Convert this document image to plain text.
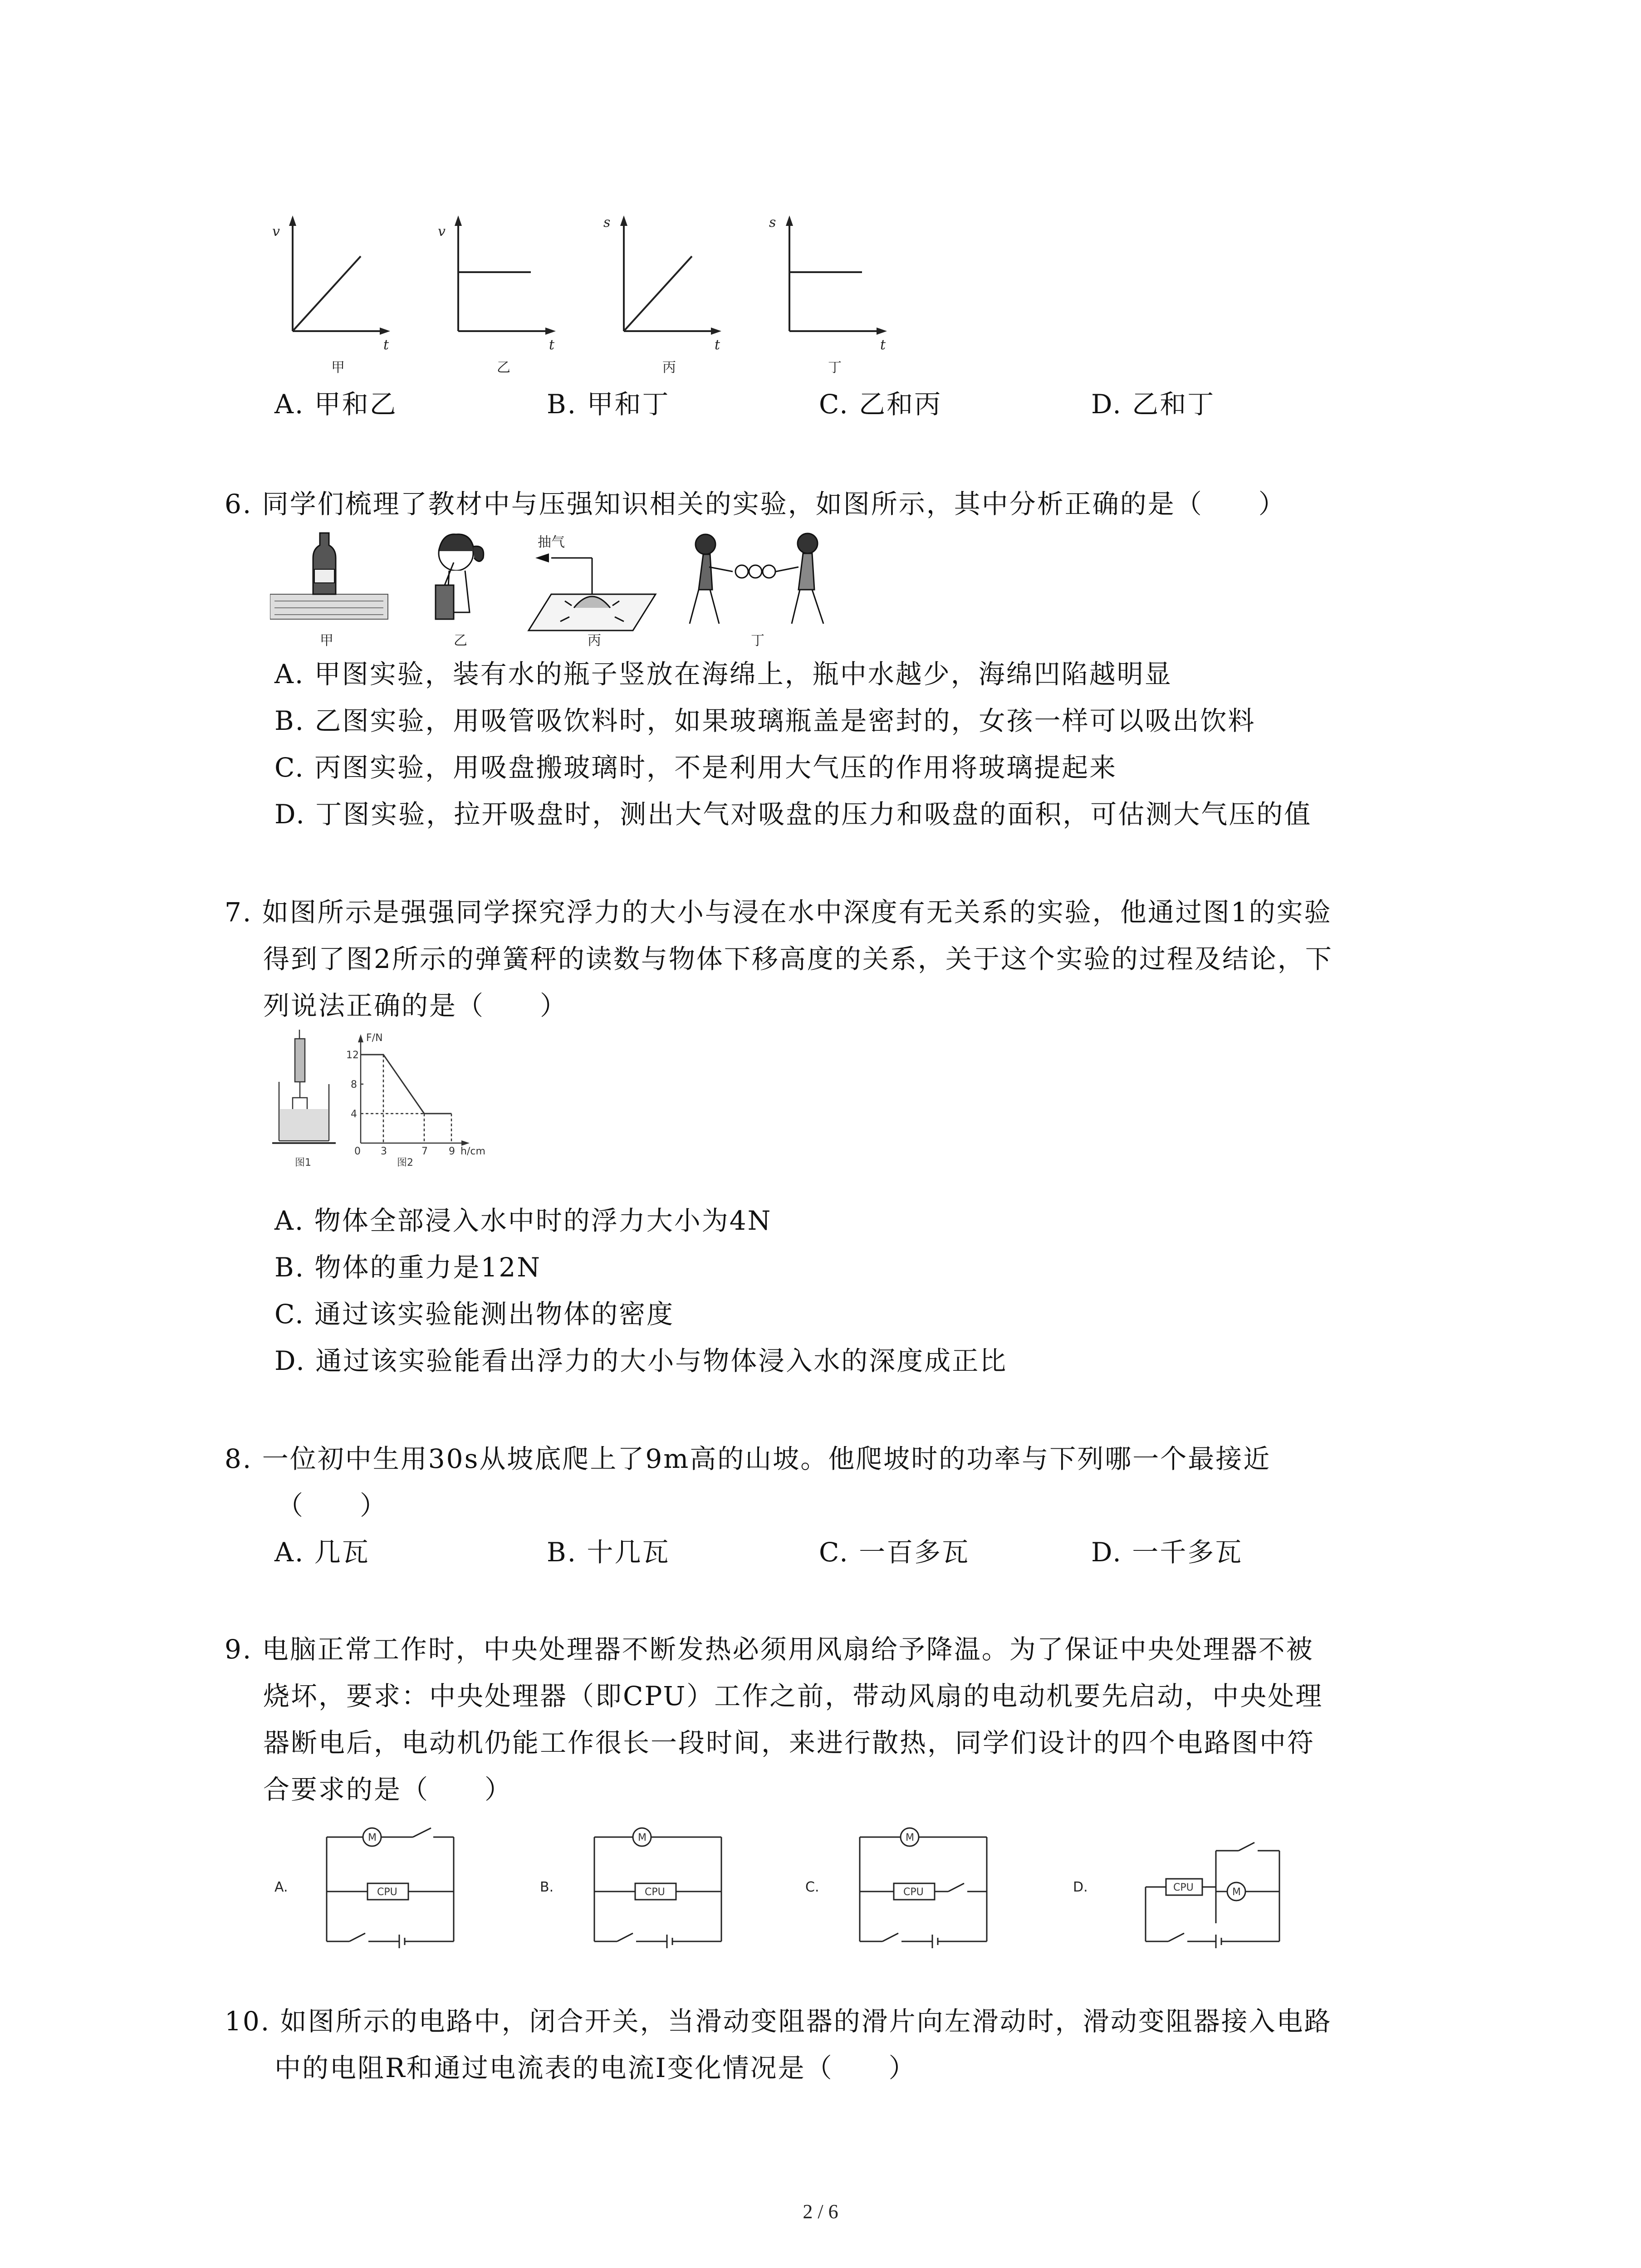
v	v
s	s
t	t	t	t
甲	乙	丙	丁
A. 甲和乙	B. 甲和丁	C. 乙和丙	D. 乙和丁
6. 同学们梳理了教材中与压强知识相关的实验，如图所示，其中分析正确的是（　　）
抽气
甲	乙	丙	丁
A. 甲图实验，装有水的瓶子竖放在海绵上，瓶中水越少，海绵凹陷越明显
B. 乙图实验，用吸管吸饮料时，如果玻璃瓶盖是密封的，女孩一样可以吸出饮料
C. 丙图实验，用吸盘搬玻璃时，不是利用大气压的作用将玻璃提起来
D. 丁图实验，拉开吸盘时，测出大气对吸盘的压力和吸盘的面积，可估测大气压的值
7. 如图所示是强强同学探究浮力的大小与浸在水中深度有无关系的实验，他通过图1的实验
得到了图2所示的弹簧秤的读数与物体下移高度的关系，关于这个实验的过程及结论，下
列说法正确的是（　　）
F/N
12
8
4
0 3	7 9 h/cm
图1	图2
A. 物体全部浸入水中时的浮力大小为4N
B. 物体的重力是12N
C. 通过该实验能测出物体的密度
D. 通过该实验能看出浮力的大小与物体浸入水的深度成正比
8. 一位初中生用30s从坡底爬上了9m高的山坡。他爬坡时的功率与下列哪一个最接近
（　　）
A. 几瓦	B. 十几瓦	C. 一百多瓦	D. 一千多瓦
9. 电脑正常工作时，中央处理器不断发热必须用风扇给予降温。为了保证中央处理器不被
烧坏，要求：中央处理器（即CPU）工作之前，带动风扇的电动机要先启动，中央处理
器断电后，电动机仍能工作很长一段时间，来进行散热，同学们设计的四个电路图中符
合要求的是（　　）
A.
M
CPU	B.
M
CPU	C.
M
CPU	D.	M
CPU
10. 如图所示的电路中，闭合开关，当滑动变阻器的滑片向左滑动时，滑动变阻器接入电路
中的电阻R和通过电流表的电流I变化情况是（　　）
2 / 6
